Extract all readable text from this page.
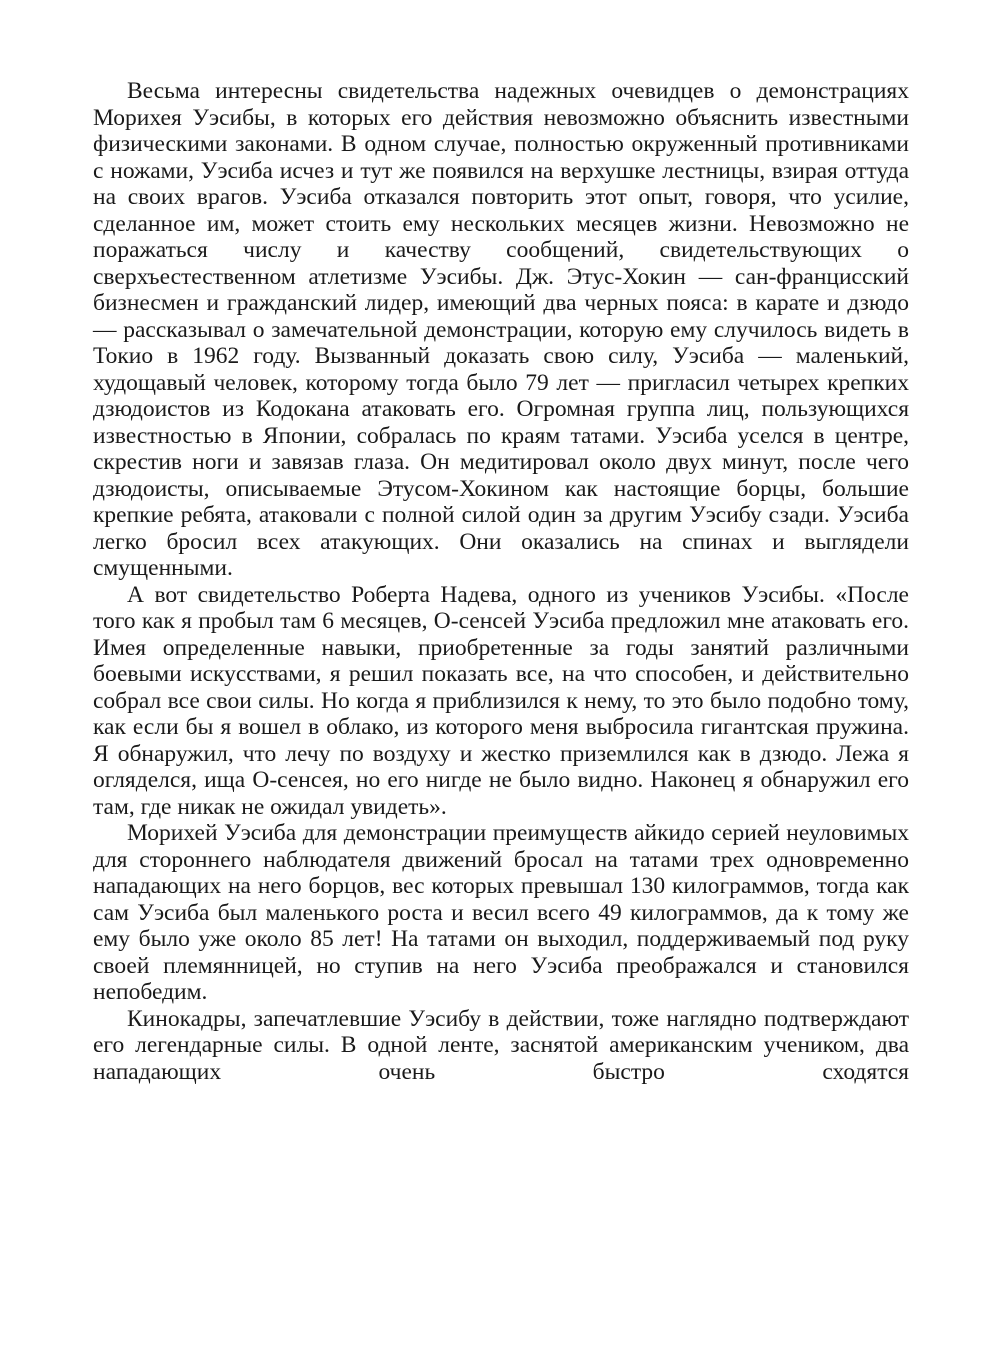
Весьма интересны свидетельства надежных очевидцев о демонстрациях Морихея Уэсибы, в которых его действия невозможно объяснить известными физическими законами. В одном случае, полностью окруженный противниками с ножами, Уэсиба исчез и тут же появился на верхушке лестницы, взирая оттуда на своих врагов. Уэсиба отказался повторить этот опыт, говоря, что усилие, сделанное им, может стоить ему нескольких месяцев жизни. Невозможно не поражаться числу и качеству сообщений, свидетельствующих о сверхъестественном атлетизме Уэсибы. Дж. Этус-Хокин — сан-францисский бизнесмен и гражданский лидер, имеющий два черных пояса: в карате и дзюдо — рассказывал о замечательной демонстрации, которую ему случилось видеть в Токио в 1962 году. Вызванный доказать свою силу, Уэсиба — маленький, худощавый человек, которому тогда было 79 лет — пригласил четырех крепких дзюдоистов из Кодокана атаковать его. Огромная группа лиц, пользующихся известностью в Японии, собралась по краям татами. Уэсиба уселся в центре, скрестив ноги и завязав глаза. Он медитировал около двух минут, после чего дзюдоисты, описываемые Этусом-Хокином как настоящие борцы, большие крепкие ребята, атаковали с полной силой один за другим Уэсибу сзади. Уэсиба легко бросил всех атакующих. Они оказались на спинах и выглядели смущенными.

А вот свидетельство Роберта Надева, одного из учеников Уэсибы. «После того как я пробыл там 6 месяцев, О-сенсей Уэсиба предложил мне атаковать его. Имея определенные навыки, приобретенные за годы занятий различными боевыми искусствами, я решил показать все, на что способен, и действительно собрал все свои силы. Но когда я приблизился к нему, то это было подобно тому, как если бы я вошел в облако, из которого меня выбросила гигантская пружина. Я обнаружил, что лечу по воздуху и жестко приземлился как в дзюдо. Лежа я огляделся, ища О-сенсея, но его нигде не было видно. Наконец я обнаружил его там, где никак не ожидал увидеть».

Морихей Уэсиба для демонстрации преимуществ айкидо серией неуловимых для стороннего наблюдателя движений бросал на татами трех одновременно нападающих на него борцов, вес которых превышал 130 килограммов, тогда как сам Уэсиба был маленького роста и весил всего 49 килограммов, да к тому же ему было уже около 85 лет! На татами он выходил, поддерживаемый под руку своей племянницей, но ступив на него Уэсиба преображался и становился непобедим.

Кинокадры, запечатлевшие Уэсибу в действии, тоже наглядно подтверждают его легендарные силы. В одной ленте, заснятой американским учеником, два нападающих очень быстро сходятся
